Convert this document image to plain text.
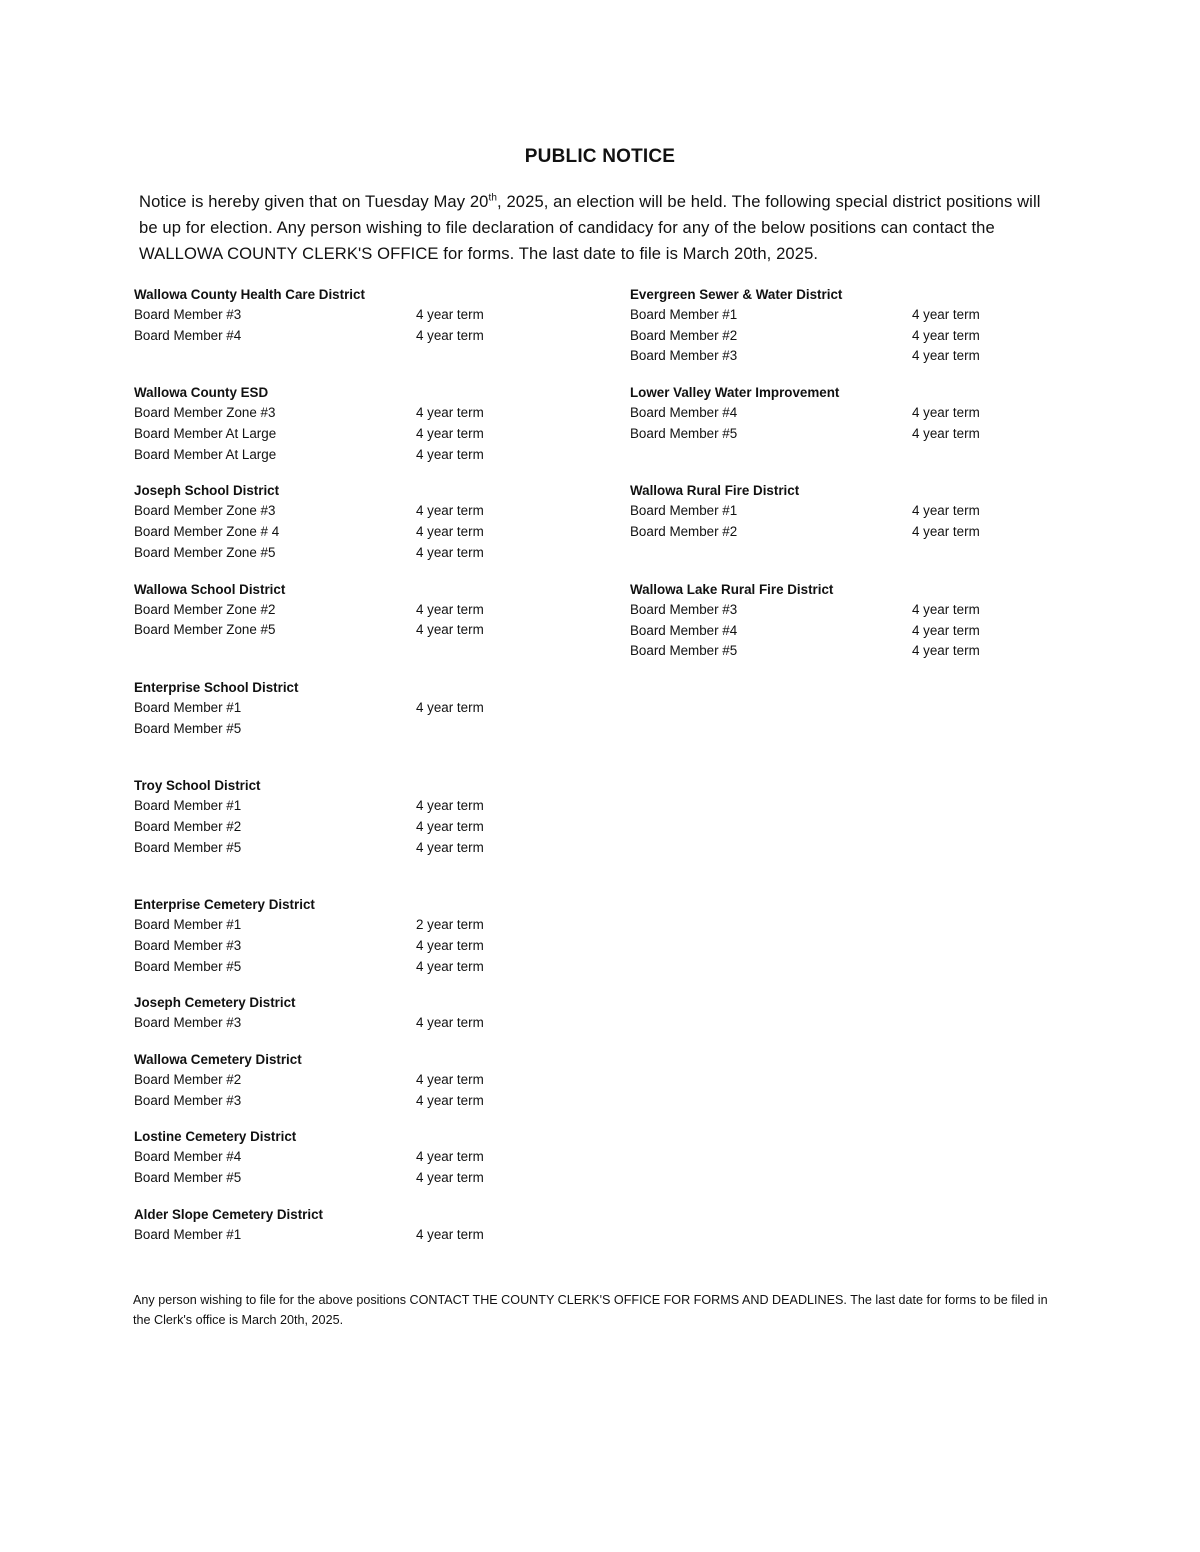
PUBLIC NOTICE

Notice is hereby given that on Tuesday May 20th, 2025, an election will be held. The following special district positions will be up for election. Any person wishing to file declaration of candidacy for any of the below positions can contact the WALLOWA COUNTY CLERK'S OFFICE for forms. The last date to file is March 20th, 2025.

Wallowa County Health Care District
Board Member #3	4 year term
Board Member #4	4 year term
Wallowa County ESD
Board Member Zone #3	4 year term
Board Member At Large	4 year term
Board Member At Large	4 year term
Joseph School District
Board Member Zone #3	4 year term
Board Member Zone # 4	4 year term
Board Member Zone #5	4 year term
Wallowa School District
Board Member Zone #2	4 year term
Board Member Zone #5	4 year term
Enterprise School District
Board Member #1	4 year term
Board Member #5
Troy School District
Board Member #1	4 year term
Board Member #2	4 year term
Board Member #5	4 year term
Enterprise Cemetery District
Board Member #1	2 year term
Board Member #3	4 year term
Board Member #5	4 year term
Joseph Cemetery District
Board Member #3	4 year term
Wallowa Cemetery District
Board Member #2	4 year term
Board Member #3	4 year term
Lostine Cemetery District
Board Member #4	4 year term
Board Member #5	4 year term
Alder Slope Cemetery District
Board Member #1	4 year term
Evergreen Sewer & Water District
Board Member #1	4 year term
Board Member #2	4 year term
Board Member #3	4 year term
Lower Valley Water Improvement
Board Member #4	4 year term
Board Member #5	4 year term
Wallowa Rural Fire District
Board Member #1	4 year term
Board Member #2	4 year term
Wallowa Lake Rural Fire District
Board Member #3	4 year term
Board Member #4	4 year term
Board Member #5	4 year term

Any person wishing to file for the above positions CONTACT THE COUNTY CLERK'S OFFICE FOR FORMS AND DEADLINES. The last date for forms to be filed in the Clerk's office is March 20th, 2025.
